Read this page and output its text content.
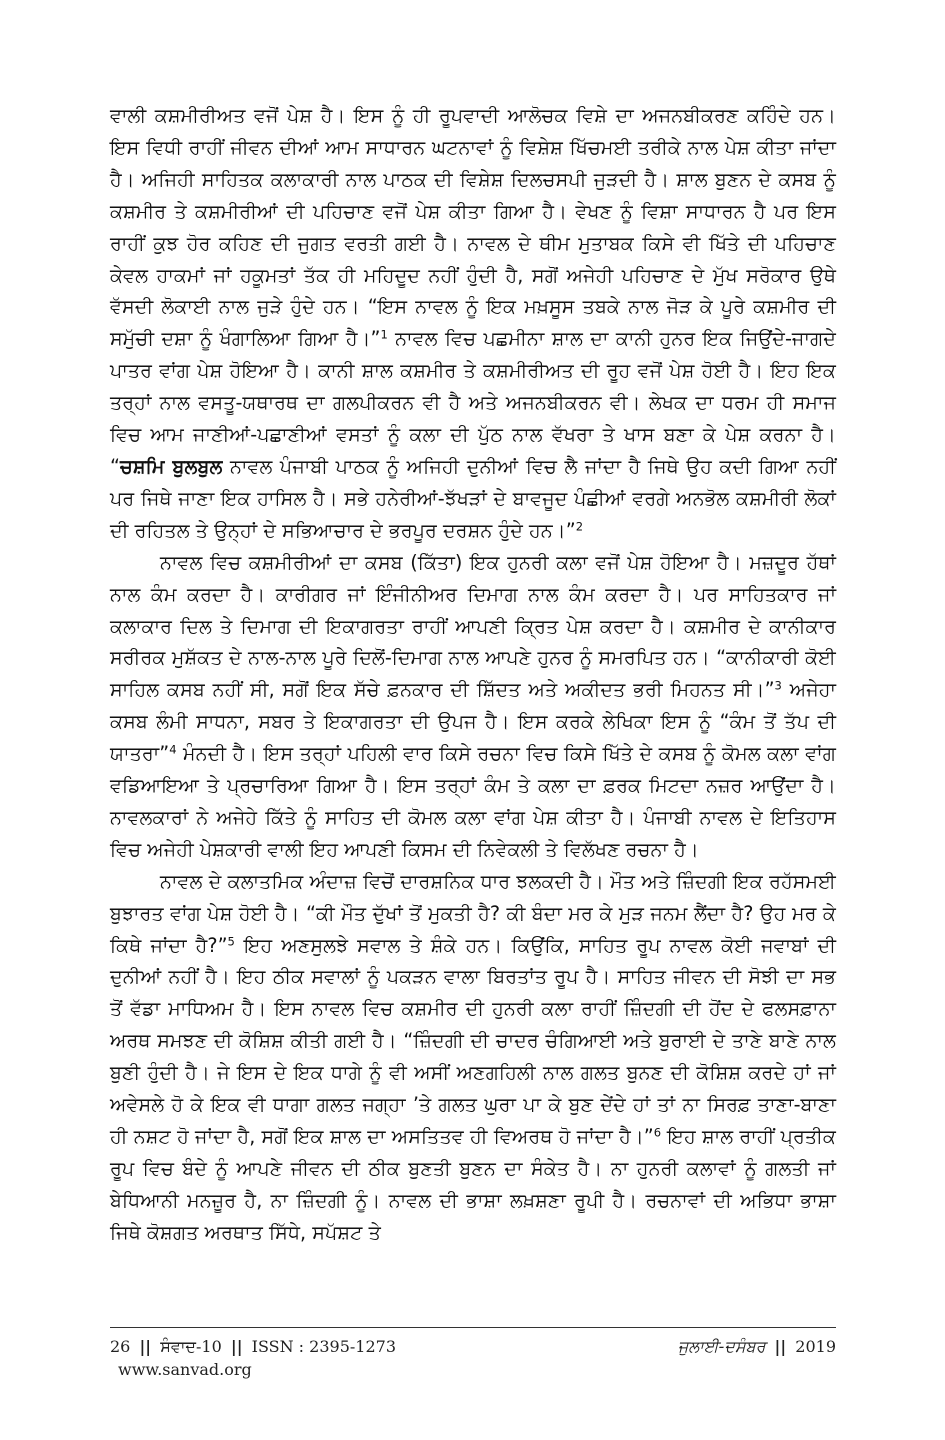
ਵਾਲੀ ਕਸ਼ਮੀਰੀਅਤ ਵਜੋਂ ਪੇਸ਼ ਹੈ। ਇਸ ਨੂੰ ਹੀ ਰੂਪਵਾਦੀ ਆਲੋਚਕ ਵਿਸ਼ੇ ਦਾ ਅਜਨਬੀਕਰਣ ਕਹਿੰਦੇ ਹਨ। ਇਸ ਵਿਧੀ ਰਾਹੀਂ ਜੀਵਨ ਦੀਆਂ ਆਮ ਸਾਧਾਰਨ ਘਟਨਾਵਾਂ ਨੂੰ ਵਿਸ਼ੇਸ਼ ਖਿੱਚਮਈ ਤਰੀਕੇ ਨਾਲ ਪੇਸ਼ ਕੀਤਾ ਜਾਂਦਾ ਹੈ। ਅਜਿਹੀ ਸਾਹਿਤਕ ਕਲਾਕਾਰੀ ਨਾਲ ਪਾਠਕ ਦੀ ਵਿਸ਼ੇਸ਼ ਦਿਲਚਸਪੀ ਜੁੜਦੀ ਹੈ। ਸ਼ਾਲ ਬੁਣਨ ਦੇ ਕਸਬ ਨੂੰ ਕਸ਼ਮੀਰ ਤੇ ਕਸ਼ਮੀਰੀਆਂ ਦੀ ਪਹਿਚਾਣ ਵਜੋਂ ਪੇਸ਼ ਕੀਤਾ ਗਿਆ ਹੈ। ਵੇਖਣ ਨੂੰ ਵਿਸ਼ਾ ਸਾਧਾਰਨ ਹੈ ਪਰ ਇਸ ਰਾਹੀਂ ਕੁਝ ਹੋਰ ਕਹਿਣ ਦੀ ਜੁਗਤ ਵਰਤੀ ਗਈ ਹੈ। ਨਾਵਲ ਦੇ ਥੀਮ ਮੁਤਾਬਕ ਕਿਸੇ ਵੀ ਖਿੱਤੇ ਦੀ ਪਹਿਚਾਣ ਕੇਵਲ ਹਾਕਮਾਂ ਜਾਂ ਹਕੂਮਤਾਂ ਤੱਕ ਹੀ ਮਹਿਦੂਦ ਨਹੀਂ ਹੁੰਦੀ ਹੈ, ਸਗੋਂ ਅਜੇਹੀ ਪਹਿਚਾਣ ਦੇ ਮੁੱਖ ਸਰੋਕਾਰ ਉਥੇ ਵੱਸਦੀ ਲੋਕਾਈ ਨਾਲ ਜੁੜੇ ਹੁੰਦੇ ਹਨ। “ਇਸ ਨਾਵਲ ਨੂੰ ਇਕ ਮਖ਼ਸੂਸ ਤਬਕੇ ਨਾਲ ਜੋੜ ਕੇ ਪੂਰੇ ਕਸ਼ਮੀਰ ਦੀ ਸਮੁੱਚੀ ਦਸ਼ਾ ਨੂੰ ਖੰਗਾਲਿਆ ਗਿਆ ਹੈ।”$^1$ ਨਾਵਲ ਵਿਚ ਪਛਮੀਨਾ ਸ਼ਾਲ ਦਾ ਕਾਨੀ ਹੁਨਰ ਇਕ ਜਿਉਂਦੇ-ਜਾਗਦੇ ਪਾਤਰ ਵਾਂਗ ਪੇਸ਼ ਹੋਇਆ ਹੈ। ਕਾਨੀ ਸ਼ਾਲ ਕਸ਼ਮੀਰ ਤੇ ਕਸ਼ਮੀਰੀਅਤ ਦੀ ਰੂਹ ਵਜੋਂ ਪੇਸ਼ ਹੋਈ ਹੈ। ਇਹ ਇਕ ਤਰ੍ਹਾਂ ਨਾਲ ਵਸਤੂ-ਯਥਾਰਥ ਦਾ ਗਲਪੀਕਰਨ ਵੀ ਹੈ ਅਤੇ ਅਜਨਬੀਕਰਨ ਵੀ। ਲੇਖਕ ਦਾ ਧਰਮ ਹੀ ਸਮਾਜ ਵਿਚ ਆਮ ਜਾਣੀਆਂ-ਪਛਾਣੀਆਂ ਵਸਤਾਂ ਨੂੰ ਕਲਾ ਦੀ ਪੁੱਠ ਨਾਲ ਵੱਖਰਾ ਤੇ ਖਾਸ ਬਣਾ ਕੇ ਪੇਸ਼ ਕਰਨਾ ਹੈ। “ਚਸ਼ਮਿ ਬੁਲਬੁਲ ਨਾਵਲ ਪੰਜਾਬੀ ਪਾਠਕ ਨੂੰ ਅਜਿਹੀ ਦੁਨੀਆਂ ਵਿਚ ਲੈ ਜਾਂਦਾ ਹੈ ਜਿਥੇ ਉਹ ਕਦੀ ਗਿਆ ਨਹੀਂ ਪਰ ਜਿਥੇ ਜਾਣਾ ਇਕ ਹਾਸਿਲ ਹੈ। ਸਭੇ ਹਨੇਰੀਆਂ-ਝੱਖੜਾਂ ਦੇ ਬਾਵਜੂਦ ਪੰਛੀਆਂ ਵਰਗੇ ਅਨਭੋਲ ਕਸ਼ਮੀਰੀ ਲੋਕਾਂ ਦੀ ਰਹਿਤਲ ਤੇ ਉਨ੍ਹਾਂ ਦੇ ਸਭਿਆਚਾਰ ਦੇ ਭਰਪੂਰ ਦਰਸ਼ਨ ਹੁੰਦੇ ਹਨ।”$^2$

ਨਾਵਲ ਵਿਚ ਕਸ਼ਮੀਰੀਆਂ ਦਾ ਕਸਬ (ਕਿੱਤਾ) ਇਕ ਹੁਨਰੀ ਕਲਾ ਵਜੋਂ ਪੇਸ਼ ਹੋਇਆ ਹੈ। ਮਜ਼ਦੂਰ ਹੱਥਾਂ ਨਾਲ ਕੰਮ ਕਰਦਾ ਹੈ। ਕਾਰੀਗਰ ਜਾਂ ਇੰਜੀਨੀਅਰ ਦਿਮਾਗ ਨਾਲ ਕੰਮ ਕਰਦਾ ਹੈ। ਪਰ ਸਾਹਿਤਕਾਰ ਜਾਂ ਕਲਾਕਾਰ ਦਿਲ ਤੇ ਦਿਮਾਗ ਦੀ ਇਕਾਗਰਤਾ ਰਾਹੀਂ ਆਪਣੀ ਕ੍ਰਿਤ ਪੇਸ਼ ਕਰਦਾ ਹੈ। ਕਸ਼ਮੀਰ ਦੇ ਕਾਨੀਕਾਰ ਸਰੀਰਕ ਮੁਸ਼ੱਕਤ ਦੇ ਨਾਲ-ਨਾਲ ਪੂਰੇ ਦਿਲੋਂ-ਦਿਮਾਗ ਨਾਲ ਆਪਣੇ ਹੁਨਰ ਨੂੰ ਸਮਰਪਿਤ ਹਨ। “ਕਾਨੀਕਾਰੀ ਕੋਈ ਸਾਹਿਲ ਕਸਬ ਨਹੀਂ ਸੀ, ਸਗੋਂ ਇਕ ਸੱਚੇ ਫ਼ਨਕਾਰ ਦੀ ਸ਼ਿੱਦਤ ਅਤੇ ਅਕੀਦਤ ਭਰੀ ਮਿਹਨਤ ਸੀ।”$^3$ ਅਜੇਹਾ ਕਸਬ ਲੰਮੀ ਸਾਧਨਾ, ਸਬਰ ਤੇ ਇਕਾਗਰਤਾ ਦੀ ਉਪਜ ਹੈ। ਇਸ ਕਰਕੇ ਲੇਖਿਕਾ ਇਸ ਨੂੰ “ਕੰਮ ਤੋਂ ਤੱਪ ਦੀ ਯਾਤਰਾ”$^4$ ਮੰਨਦੀ ਹੈ। ਇਸ ਤਰ੍ਹਾਂ ਪਹਿਲੀ ਵਾਰ ਕਿਸੇ ਰਚਨਾ ਵਿਚ ਕਿਸੇ ਖਿੱਤੇ ਦੇ ਕਸਬ ਨੂੰ ਕੋਮਲ ਕਲਾ ਵਾਂਗ ਵਡਿਆਇਆ ਤੇ ਪ੍ਰਚਾਰਿਆ ਗਿਆ ਹੈ। ਇਸ ਤਰ੍ਹਾਂ ਕੰਮ ਤੇ ਕਲਾ ਦਾ ਫ਼ਰਕ ਮਿਟਦਾ ਨਜ਼ਰ ਆਉਂਦਾ ਹੈ। ਨਾਵਲਕਾਰਾਂ ਨੇ ਅਜੇਹੇ ਕਿੱਤੇ ਨੂੰ ਸਾਹਿਤ ਦੀ ਕੋਮਲ ਕਲਾ ਵਾਂਗ ਪੇਸ਼ ਕੀਤਾ ਹੈ। ਪੰਜਾਬੀ ਨਾਵਲ ਦੇ ਇਤਿਹਾਸ ਵਿਚ ਅਜੇਹੀ ਪੇਸ਼ਕਾਰੀ ਵਾਲੀ ਇਹ ਆਪਣੀ ਕਿਸਮ ਦੀ ਨਿਵੇਕਲੀ ਤੇ ਵਿਲੱਖਣ ਰਚਨਾ ਹੈ।

ਨਾਵਲ ਦੇ ਕਲਾਤਮਿਕ ਅੰਦਾਜ਼ ਵਿਚੋਂ ਦਾਰਸ਼ਨਿਕ ਧਾਰ ਝਲਕਦੀ ਹੈ। ਮੌਤ ਅਤੇ ਜ਼ਿੰਦਗੀ ਇਕ ਰਹੱਸਮਈ ਬੁਝਾਰਤ ਵਾਂਗ ਪੇਸ਼ ਹੋਈ ਹੈ। “ਕੀ ਮੌਤ ਦੁੱਖਾਂ ਤੋਂ ਮੁਕਤੀ ਹੈ? ਕੀ ਬੰਦਾ ਮਰ ਕੇ ਮੁੜ ਜਨਮ ਲੈਂਦਾ ਹੈ? ਉਹ ਮਰ ਕੇ ਕਿਥੇ ਜਾਂਦਾ ਹੈ?”$^5$ ਇਹ ਅਣਸੁਲਝੇ ਸਵਾਲ ਤੇ ਸ਼ੰਕੇ ਹਨ। ਕਿਉਂਕਿ, ਸਾਹਿਤ ਰੂਪ ਨਾਵਲ ਕੋਈ ਜਵਾਬਾਂ ਦੀ ਦੁਨੀਆਂ ਨਹੀਂ ਹੈ। ਇਹ ਠੀਕ ਸਵਾਲਾਂ ਨੂੰ ਪਕੜਨ ਵਾਲਾ ਬਿਰਤਾਂਤ ਰੂਪ ਹੈ। ਸਾਹਿਤ ਜੀਵਨ ਦੀ ਸੋਝੀ ਦਾ ਸਭ ਤੋਂ ਵੱਡਾ ਮਾਧਿਅਮ ਹੈ। ਇਸ ਨਾਵਲ ਵਿਚ ਕਸ਼ਮੀਰ ਦੀ ਹੁਨਰੀ ਕਲਾ ਰਾਹੀਂ ਜ਼ਿੰਦਗੀ ਦੀ ਹੋਂਦ ਦੇ ਫਲਸਫ਼ਾਨਾ ਅਰਥ ਸਮਝਣ ਦੀ ਕੋਸ਼ਿਸ਼ ਕੀਤੀ ਗਈ ਹੈ। “ਜ਼ਿੰਦਗੀ ਦੀ ਚਾਦਰ ਚੰਗਿਆਈ ਅਤੇ ਬੁਰਾਈ ਦੇ ਤਾਣੇ ਬਾਣੇ ਨਾਲ ਬੁਣੀ ਹੁੰਦੀ ਹੈ। ਜੇ ਇਸ ਦੇ ਇਕ ਧਾਗੇ ਨੂੰ ਵੀ ਅਸੀਂ ਅਣਗਹਿਲੀ ਨਾਲ ਗਲਤ ਬੁਨਣ ਦੀ ਕੋਸ਼ਿਸ਼ ਕਰਦੇ ਹਾਂ ਜਾਂ ਅਵੇਸਲੇ ਹੋ ਕੇ ਇਕ ਵੀ ਧਾਗਾ ਗਲਤ ਜਗ੍ਹਾ ’ਤੇ ਗਲਤ ਘੁਰਾ ਪਾ ਕੇ ਬੁਣ ਦੇਂਦੇ ਹਾਂ ਤਾਂ ਨਾ ਸਿਰਫ਼ ਤਾਣਾ-ਬਾਣਾ ਹੀ ਨਸ਼ਟ ਹੋ ਜਾਂਦਾ ਹੈ, ਸਗੋਂ ਇਕ ਸ਼ਾਲ ਦਾ ਅਸਤਿਤਵ ਹੀ ਵਿਅਰਥ ਹੋ ਜਾਂਦਾ ਹੈ।”$^6$ ਇਹ ਸ਼ਾਲ ਰਾਹੀਂ ਪ੍ਰਤੀਕ ਰੂਪ ਵਿਚ ਬੰਦੇ ਨੂੰ ਆਪਣੇ ਜੀਵਨ ਦੀ ਠੀਕ ਬੁਣਤੀ ਬੁਣਨ ਦਾ ਸੰਕੇਤ ਹੈ। ਨਾ ਹੁਨਰੀ ਕਲਾਵਾਂ ਨੂੰ ਗਲਤੀ ਜਾਂ ਬੇਧਿਆਨੀ ਮਨਜ਼ੂਰ ਹੈ, ਨਾ ਜ਼ਿੰਦਗੀ ਨੂੰ। ਨਾਵਲ ਦੀ ਭਾਸ਼ਾ ਲਖ਼ਸ਼ਣਾ ਰੂਪੀ ਹੈ। ਰਚਨਾਵਾਂ ਦੀ ਅਭਿਧਾ ਭਾਸ਼ਾ ਜਿਥੇ ਕੋਸ਼ਗਤ ਅਰਥਾਤ ਸਿੱਧੇ, ਸਪੱਸ਼ਟ ਤੇ

26 || ਸੰਵਾਦ-10 || ISSN : 2395-1273
www.sanvad.org
ਜੁਲਾਈ-ਦਸੰਬਰ || 2019
